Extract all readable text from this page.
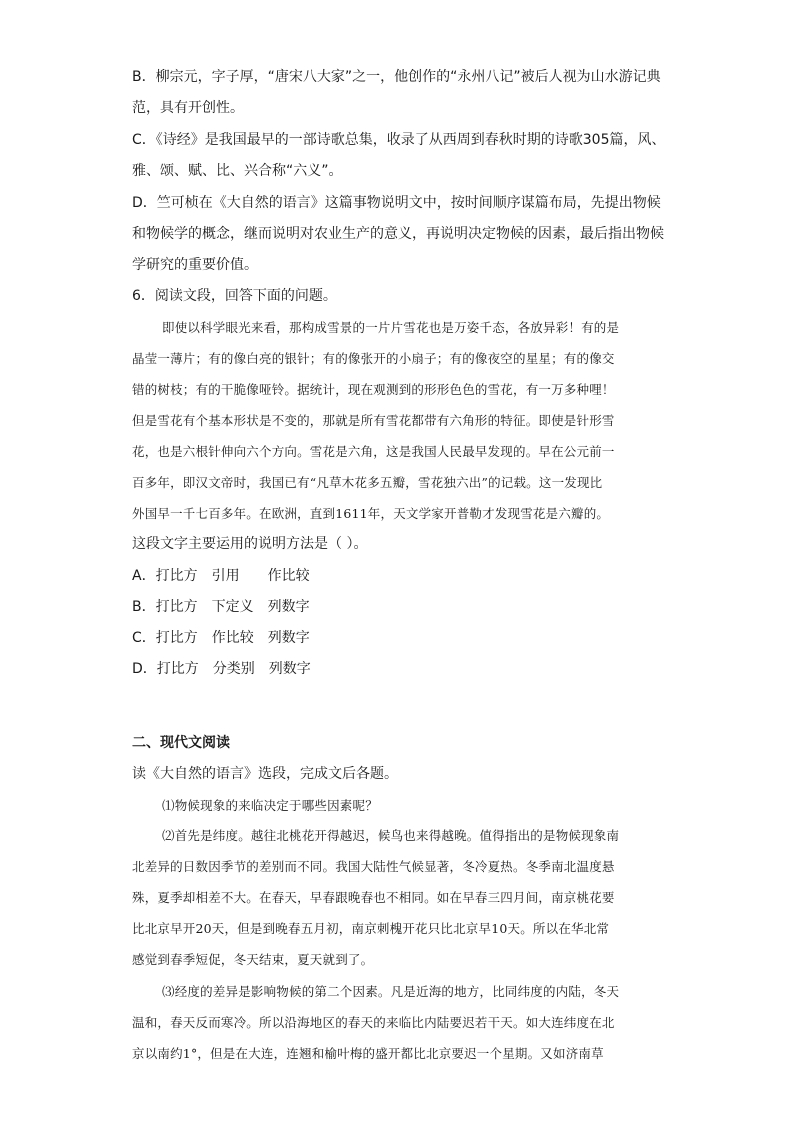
B．柳宗元，字子厚，“唐宋八大家”之一，他创作的“永州八记”被后人视为山水游记典
范，具有开创性。
C．《诗经》是我国最早的一部诗歌总集，收录了从西周到春秋时期的诗歌305篇，风、
雅、颂、赋、比、兴合称“六义”。
D．竺可桢在《大自然的语言》这篇事物说明文中，按时间顺序谋篇布局，先提出物候
和物候学的概念，继而说明对农业生产的意义，再说明决定物候的因素，最后指出物候
学研究的重要价值。
6．阅读文段，回答下面的问题。
即使以科学眼光来看，那构成雪景的一片片雪花也是万姿千态，各放异彩！有的是
晶莹一薄片；有的像白亮的银针；有的像张开的小扇子；有的像夜空的星星；有的像交
错的树枝；有的干脆像哑铃。据统计，现在观测到的形形色色的雪花，有一万多种哩！
但是雪花有个基本形状是不变的，那就是所有雪花都带有六角形的特征。即使是针形雪
花，也是六根针伸向六个方向。雪花是六角，这是我国人民最早发现的。早在公元前一
百多年，即汉文帝时，我国已有“凡草木花多五瓣，雪花独六出”的记载。这一发现比
外国早一千七百多年。在欧洲，直到1611年，天文学家开普勒才发现雪花是六瓣的。
这段文字主要运用的说明方法是（ ）。
A．打比方　引用　　作比较
B．打比方　下定义　列数字
C．打比方　作比较　列数字
D．打比方　分类别　列数字
二、现代文阅读
读《大自然的语言》选段，完成文后各题。
⑴物候现象的来临决定于哪些因素呢？
⑵首先是纬度。越往北桃花开得越迟，候鸟也来得越晚。值得指出的是物候现象南
北差异的日数因季节的差别而不同。我国大陆性气候显著，冬冷夏热。冬季南北温度悬
殊，夏季却相差不大。在春天，早春跟晚春也不相同。如在早春三四月间，南京桃花要
比北京早开20天，但是到晚春五月初，南京刺槐开花只比北京早10天。所以在华北常
感觉到春季短促，冬天结束，夏天就到了。
⑶经度的差异是影响物候的第二个因素。凡是近海的地方，比同纬度的内陆，冬天
温和，春天反而寒冷。所以沿海地区的春天的来临比内陆要迟若干天。如大连纬度在北
京以南约1°，但是在大连，连翘和榆叶梅的盛开都比北京要迟一个星期。又如济南草
